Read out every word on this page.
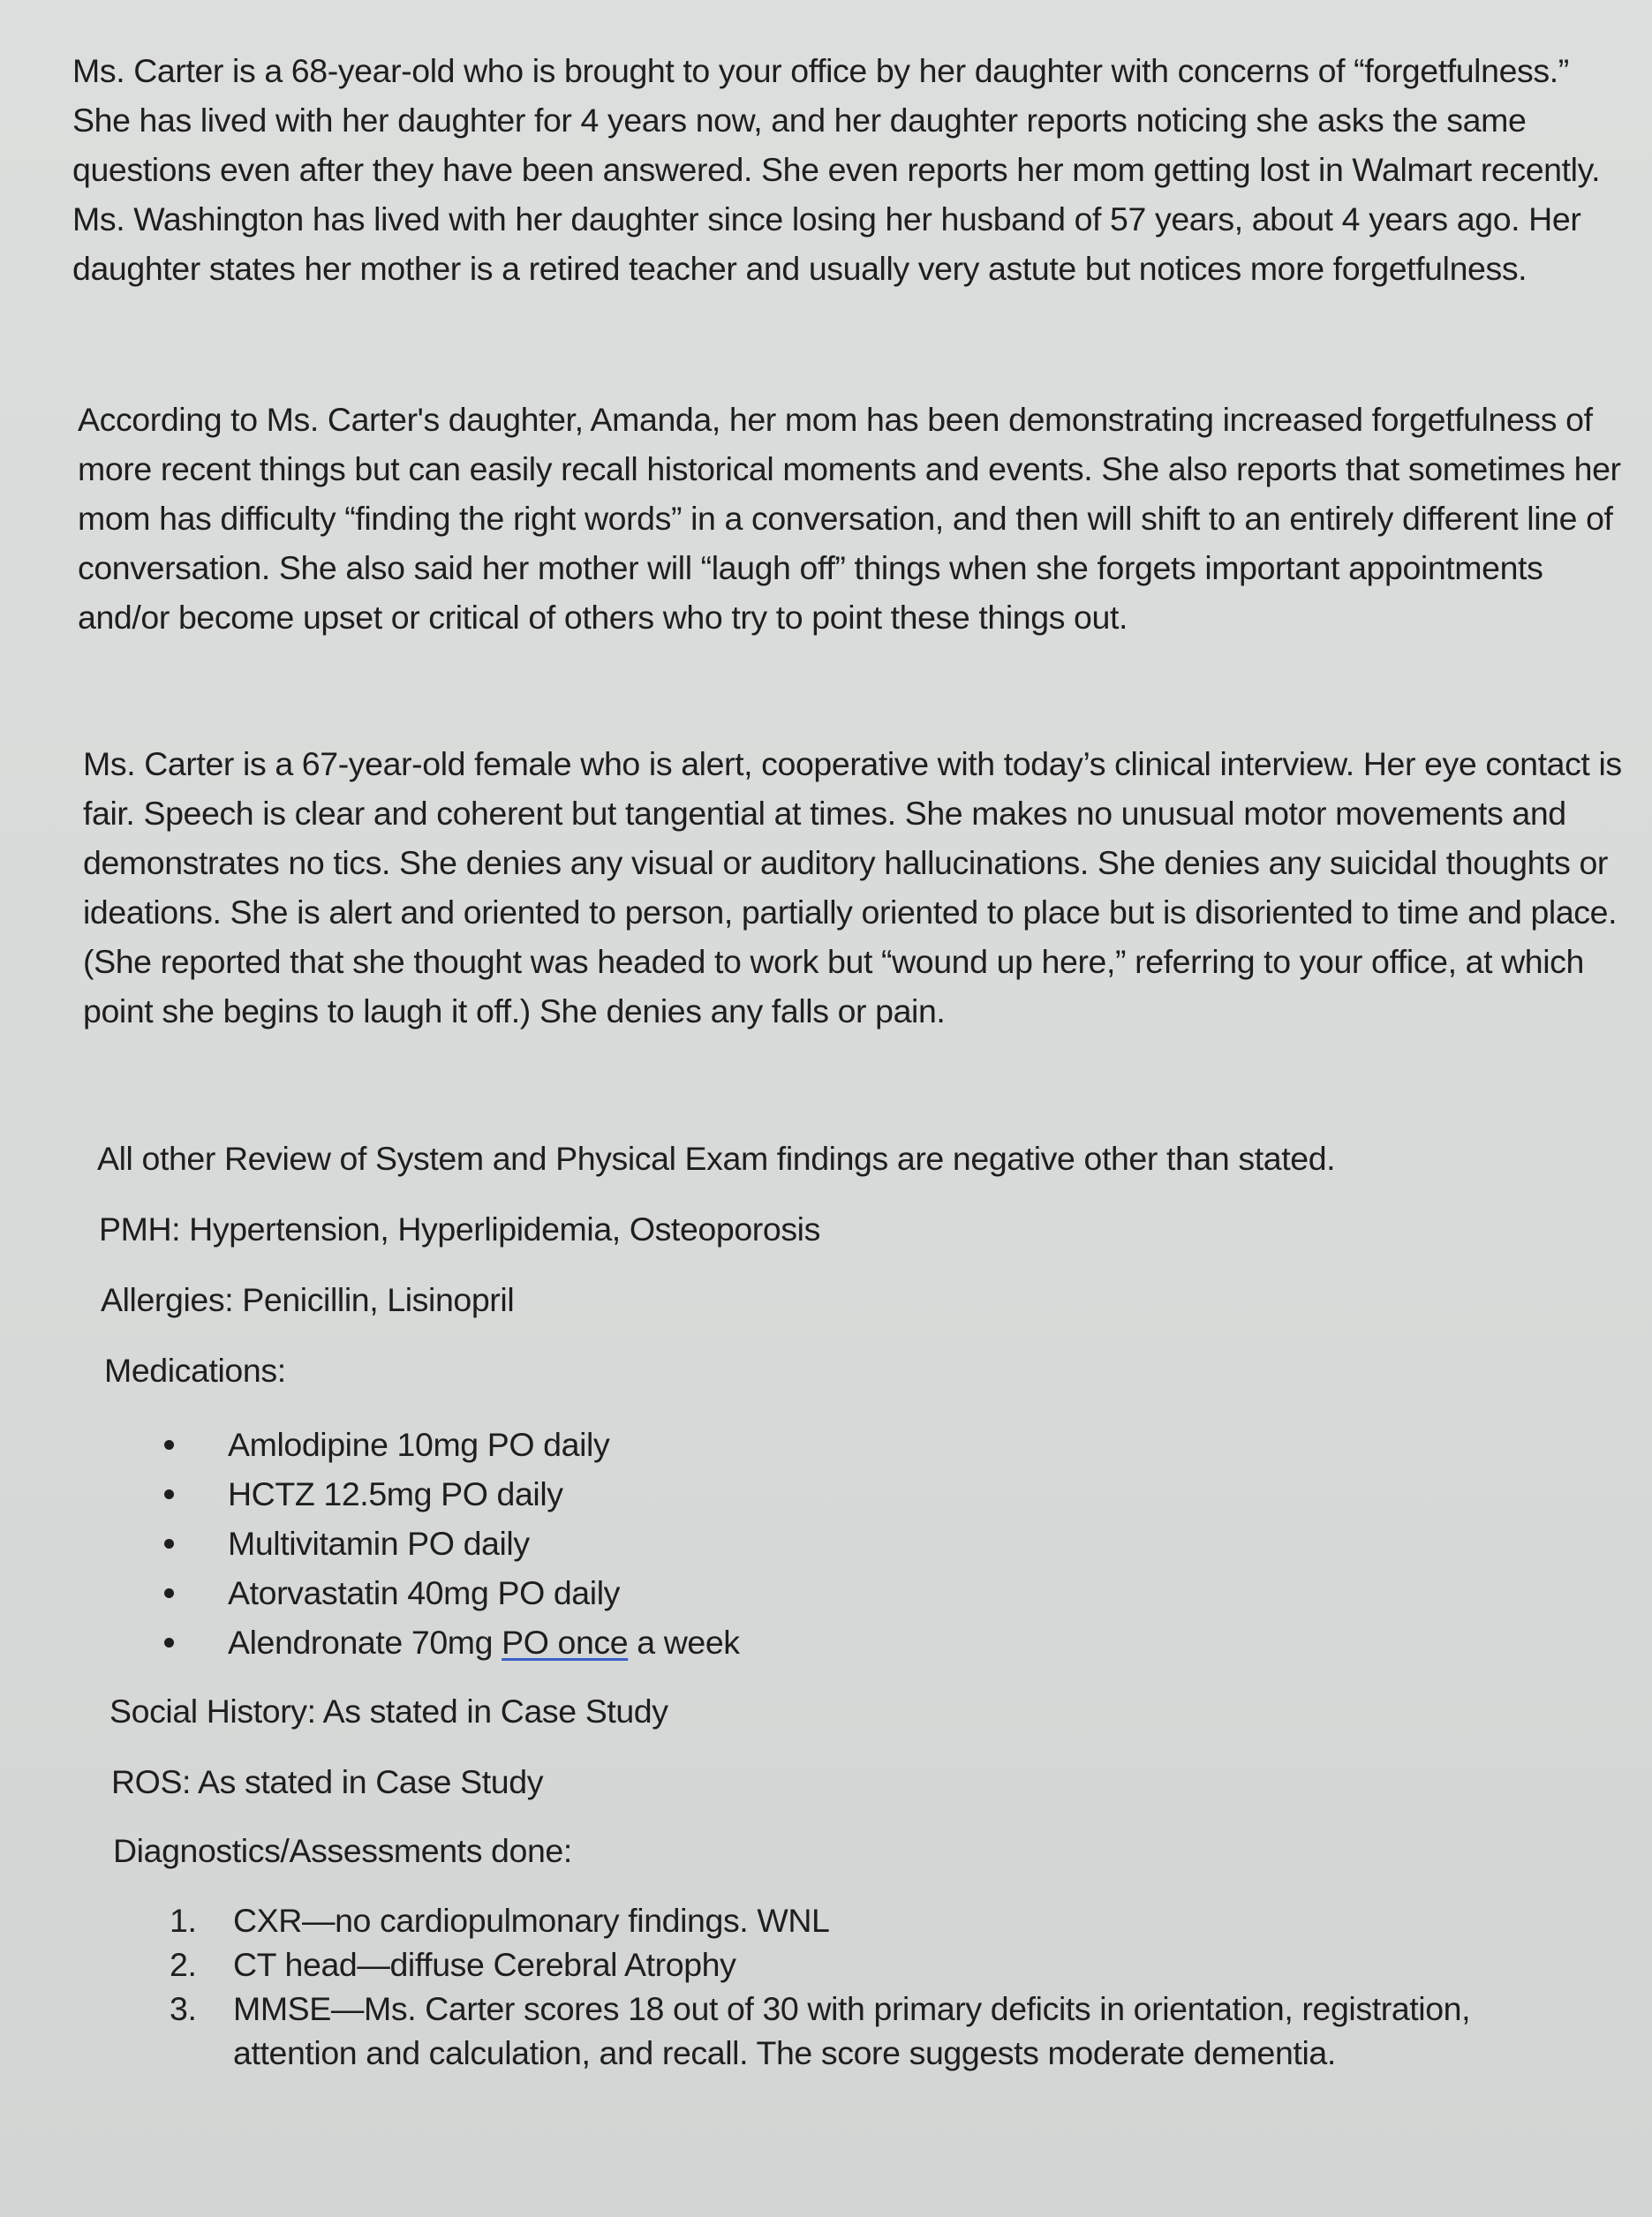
Ms. Carter is a 68-year-old who is brought to your office by her daughter with concerns of “forgetfulness.” She has lived with her daughter for 4 years now, and her daughter reports noticing she asks the same questions even after they have been answered. She even reports her mom getting lost in Walmart recently. Ms. Washington has lived with her daughter since losing her husband of 57 years, about 4 years ago. Her daughter states her mother is a retired teacher and usually very astute but notices more forgetfulness.

According to Ms. Carter's daughter, Amanda, her mom has been demonstrating increased forgetfulness of more recent things but can easily recall historical moments and events. She also reports that sometimes her mom has difficulty “finding the right words” in a conversation, and then will shift to an entirely different line of conversation. She also said her mother will “laugh off” things when she forgets important appointments and/or become upset or critical of others who try to point these things out.

Ms. Carter is a 67-year-old female who is alert, cooperative with today’s clinical interview. Her eye contact is fair. Speech is clear and coherent but tangential at times. She makes no unusual motor movements and demonstrates no tics. She denies any visual or auditory hallucinations. She denies any suicidal thoughts or ideations. She is alert and oriented to person, partially oriented to place but is disoriented to time and place. (She reported that she thought was headed to work but “wound up here,” referring to your office, at which point she begins to laugh it off.) She denies any falls or pain.

All other Review of System and Physical Exam findings are negative other than stated.
PMH: Hypertension, Hyperlipidemia, Osteoporosis
Allergies: Penicillin, Lisinopril
Medications:
Amlodipine 10mg PO daily
HCTZ 12.5mg PO daily
Multivitamin PO daily
Atorvastatin 40mg PO daily
Alendronate 70mg PO once a week
Social History: As stated in Case Study
ROS: As stated in Case Study
Diagnostics/Assessments done:
1. CXR—no cardiopulmonary findings. WNL
2. CT head—diffuse Cerebral Atrophy
3. MMSE—Ms. Carter scores 18 out of 30 with primary deficits in orientation, registration, attention and calculation, and recall. The score suggests moderate dementia.
